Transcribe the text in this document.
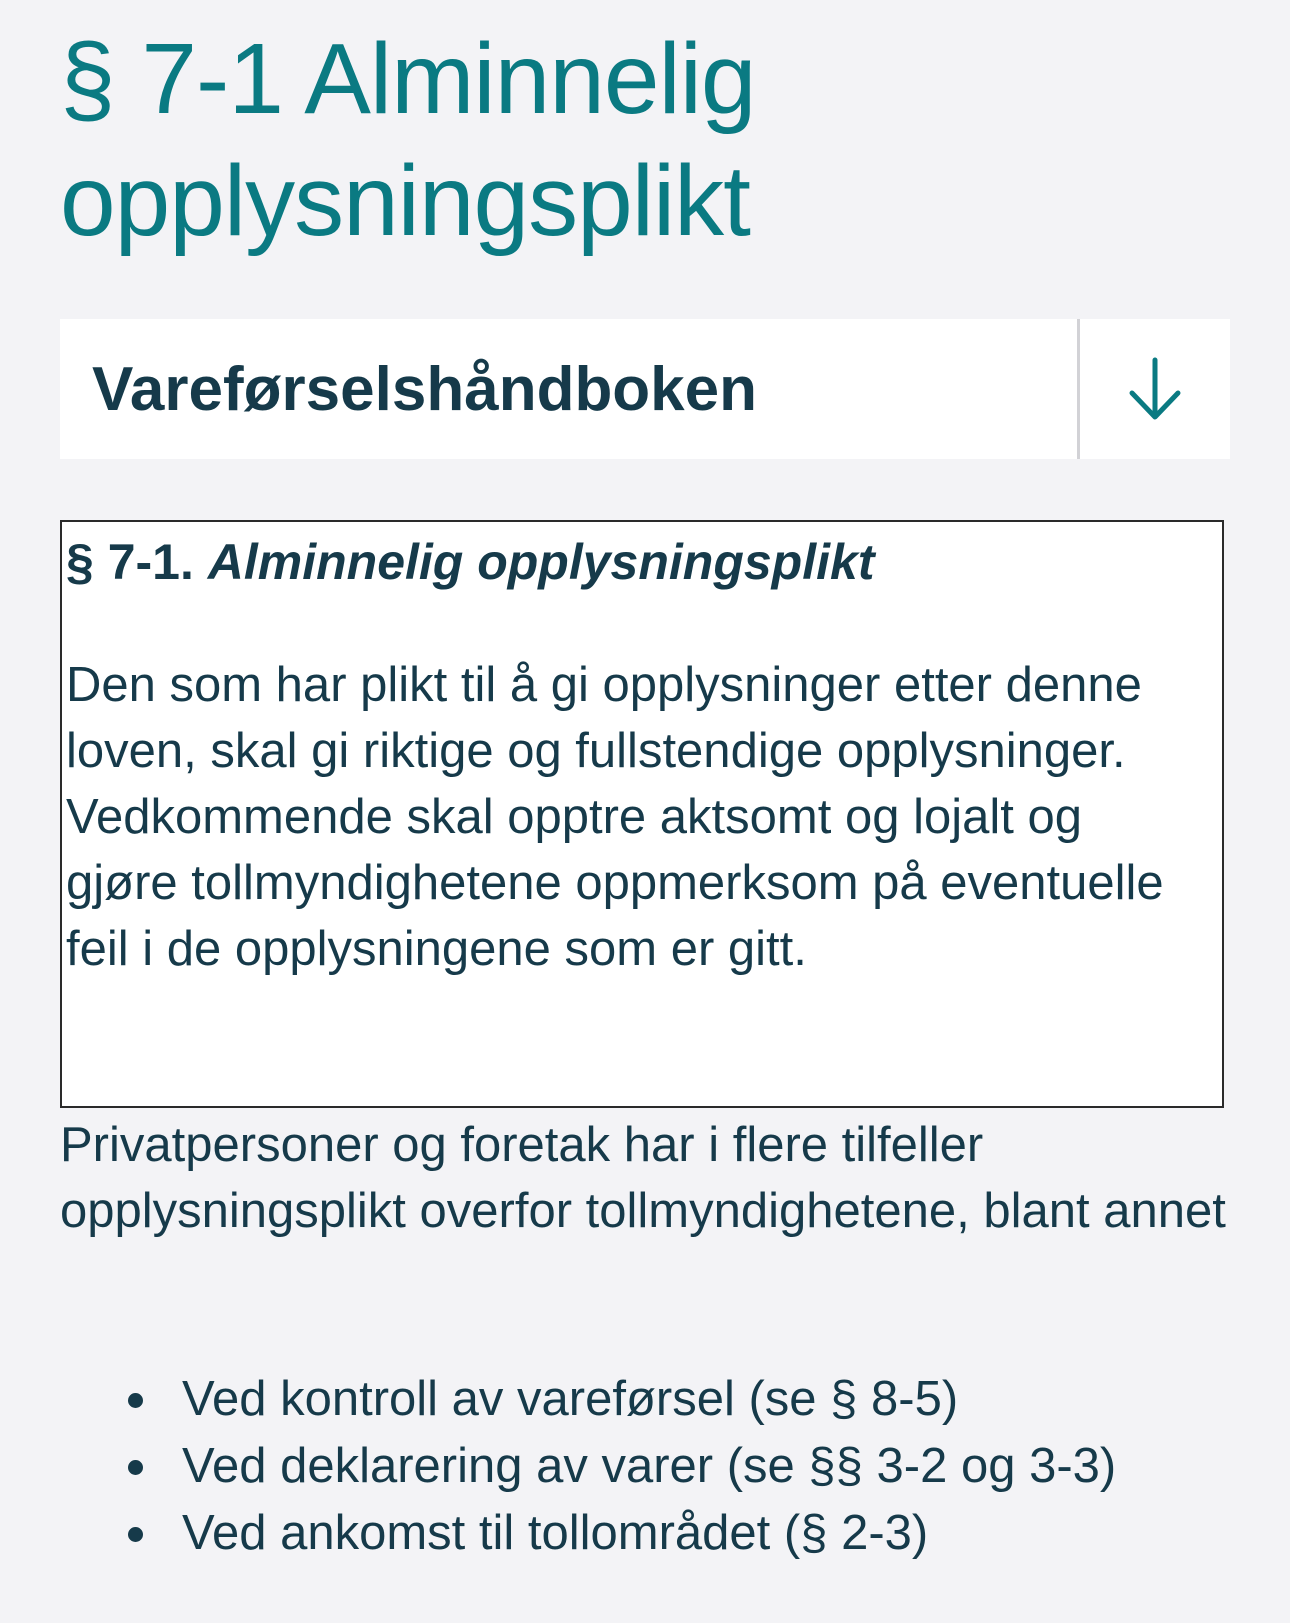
§ 7-1 Alminnelig opplysningsplikt
Vareførselshåndboken
§ 7-1. Alminnelig opplysningsplikt

Den som har plikt til å gi opplysninger etter denne loven, skal gi riktige og fullstendige opplysninger. Vedkommende skal opptre aktsomt og lojalt og gjøre tollmyndighetene oppmerksom på eventuelle feil i de opplysningene som er gitt.

Privatpersoner og foretak har i flere tilfeller opplysningsplikt overfor tollmyndighetene, blant annet

Ved kontroll av vareførsel (se § 8-5)
Ved deklarering av varer (se §§ 3-2 og 3-3)
Ved ankomst til tollområdet (§ 2-3)
